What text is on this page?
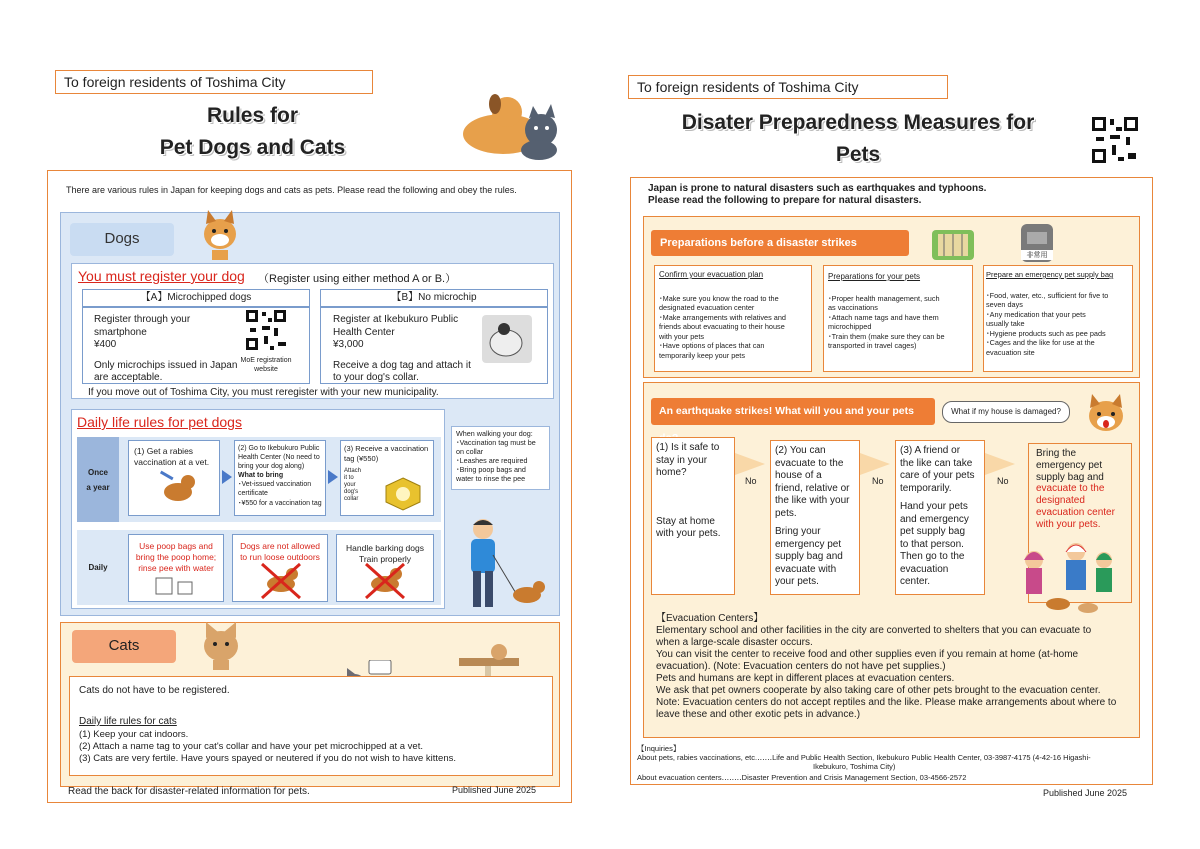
To foreign residents of Toshima City
Rules for
Pet Dogs and Cats
There are various rules in Japan for keeping dogs and cats as pets. Please read the following and obey the rules.
Dogs
You must register your dog （Register using either method A or B.）
【A】Microchipped dogs	【B】No microchip
Register through your
smartphone
¥400
Only microchips issued in Japan
are acceptable.
MoE registration
website
Register at Ikebukuro Public
Health Center
¥3,000
Receive a dog tag and attach it
to your dog's collar.
If you move out of Toshima City, you must reregister with your new municipality.
Daily life rules for pet dogs
Once
a year
(1) Get a rabies
vaccination at a vet.
(2) Go to Ikebukuro Public
Health Center (No need to
bring your dog along)
What to bring
･Vet-issued vaccination
certificate
･¥550 for a vaccination tag
(3) Receive a vaccination
tag (¥550)
Attach
it to
your
dog's
collar
Daily
Use poop bags and
bring the poop home;
rinse pee with water
Dogs are not allowed
to run loose outdoors
Handle barking dogs
Train properly
When walking your dog:
･Vaccination tag must be
on collar
･Leashes are required
･Bring poop bags and
water to rinse the pee
Cats
Cats do not have to be registered.
Daily life rules for cats
(1) Keep your cat indoors.
(2) Attach a name tag to your cat's collar and have your pet microchipped at a vet.
(3) Cats are very fertile. Have yours spayed or neutered if you do not wish to have kittens.
Read the back for disaster-related information for pets.	Published June 2025
To foreign residents of Toshima City
Disater Preparedness Measures for
Pets
Japan is prone to natural disasters such as earthquakes and typhoons.
Please read the following to prepare for natural disasters.
Preparations before a disaster strikes
非常用
Confirm your evacuation plan	Preparations for your pets	Prepare an emergency pet supply bag
･Make sure you know the road to the
designated evacuation center
･Make arrangements with relatives and
friends about evacuating to their house
with your pets
･Have options of places that can
temporarily keep your pets
･Proper health management, such
as vaccinations
･Attach name tags and have them
microchipped
･Train them (make sure they can be
transported in travel cages)
･Food, water, etc., sufficient for five to
seven days
･Any medication that your pets
usually take
･Hygiene products such as pee pads
･Cages and the like for use at the
evacuation site
An earthquake strikes! What will you and your pets	What if my house is damaged?
(1) Is it safe to
stay in your
home?
Stay at home
with your pets.
No
(2) You can
evacuate to the
house of a
friend, relative or
the like with your
pets.
Bring your
emergency pet
supply bag and
evacuate with
your pets.
No
(3) A friend or
the like can take
care of your pets
temporarily.
Hand your pets
and emergency
pet supply bag
to that person.
Then go to the
evacuation
center.
No
Bring the
emergency pet
supply bag and
evacuate to the
designated
evacuation center
with your pets.
【Evacuation Centers】
Elementary school and other facilities in the city are converted to shelters that you can evacuate to
when a large-scale disaster occurs.
You can visit the center to receive food and other supplies even if you remain at home (at-home
evacuation). (Note: Evacuation centers do not have pet supplies.)
Pets and humans are kept in different places at evacuation centers.
We ask that pet owners cooperate by also taking care of other pets brought to the evacuation center.
Note: Evacuation centers do not accept reptiles and the like. Please make arrangements about where to
leave these and other exotic pets in advance.)
【Inquiries】
About pets, rabies vaccinations, etc.‥‥‥Life and Public Health Section, Ikebukuro Public Health Center, 03-3987-4175 (4-42-16 Higashi-
Ikebukuro, Toshima City)
About evacuation centers‥‥‥‥Disaster Prevention and Crisis Management Section, 03-4566-2572
Published June 2025
